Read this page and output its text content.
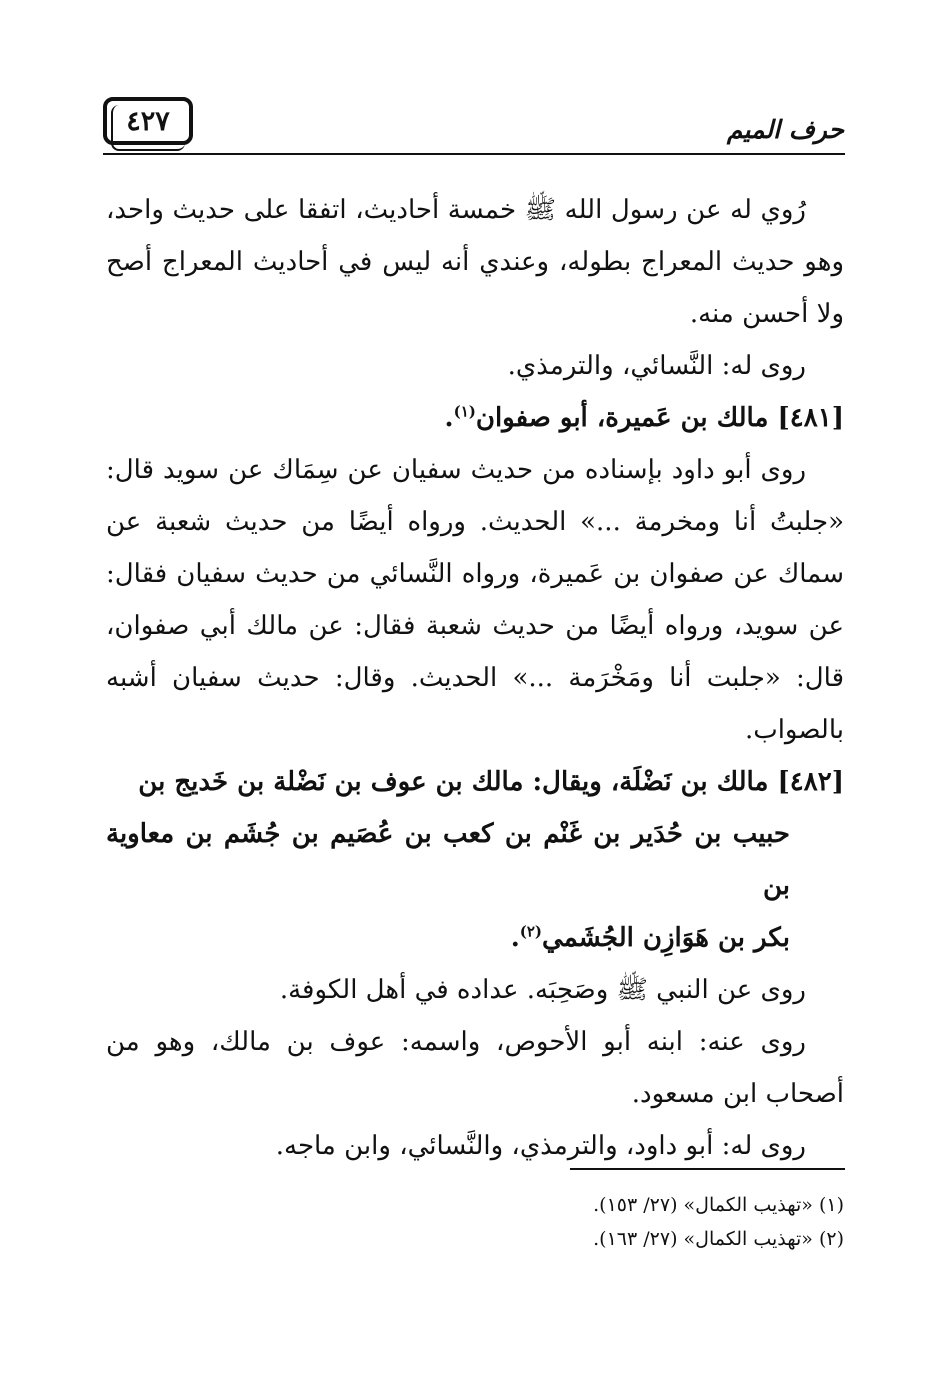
٤٢٧	حرف الميم

رُوي له عن رسول الله ﷺ خمسة أحاديث، اتفقا على حديث واحد، وهو حديث المعراج بطوله، وعندي أنه ليس في أحاديث المعراج أصح ولا أحسن منه.

روى له: النَّسائي، والترمذي.

[٤٨١] مالك بن عَميرة، أبو صفوان$^{(١)}$.

روى أبو داود بإسناده من حديث سفيان عن سِمَاك عن سويد قال: «جلبتُ أنا ومخرمة ...» الحديث. ورواه أيضًا من حديث شعبة عن سماك عن صفوان بن عَميرة، ورواه النَّسائي من حديث سفيان فقال: عن سويد، ورواه أيضًا من حديث شعبة فقال: عن مالك أبي صفوان، قال: «جلبت أنا ومَخْرَمة ...» الحديث. وقال: حديث سفيان أشبه بالصواب.

[٤٨٢] مالك بن نَضْلَة، ويقال: مالك بن عوف بن نَضْلة بن خَديج بن
حبيب بن حُدَير بن غَنْم بن كعب بن عُصَيم بن جُشَم بن معاوية بن
بكر بن هَوَازِن الجُشَمي$^{(٢)}$.

روى عن النبي ﷺ وصَحِبَه. عداده في أهل الكوفة.

روى عنه: ابنه أبو الأحوص، واسمه: عوف بن مالك، وهو من أصحاب ابن مسعود.

روى له: أبو داود، والترمذي، والنَّسائي، وابن ماجه.

(١) «تهذيب الكمال» (٢٧/ ١٥٣).

(٢) «تهذيب الكمال» (٢٧/ ١٦٣).
